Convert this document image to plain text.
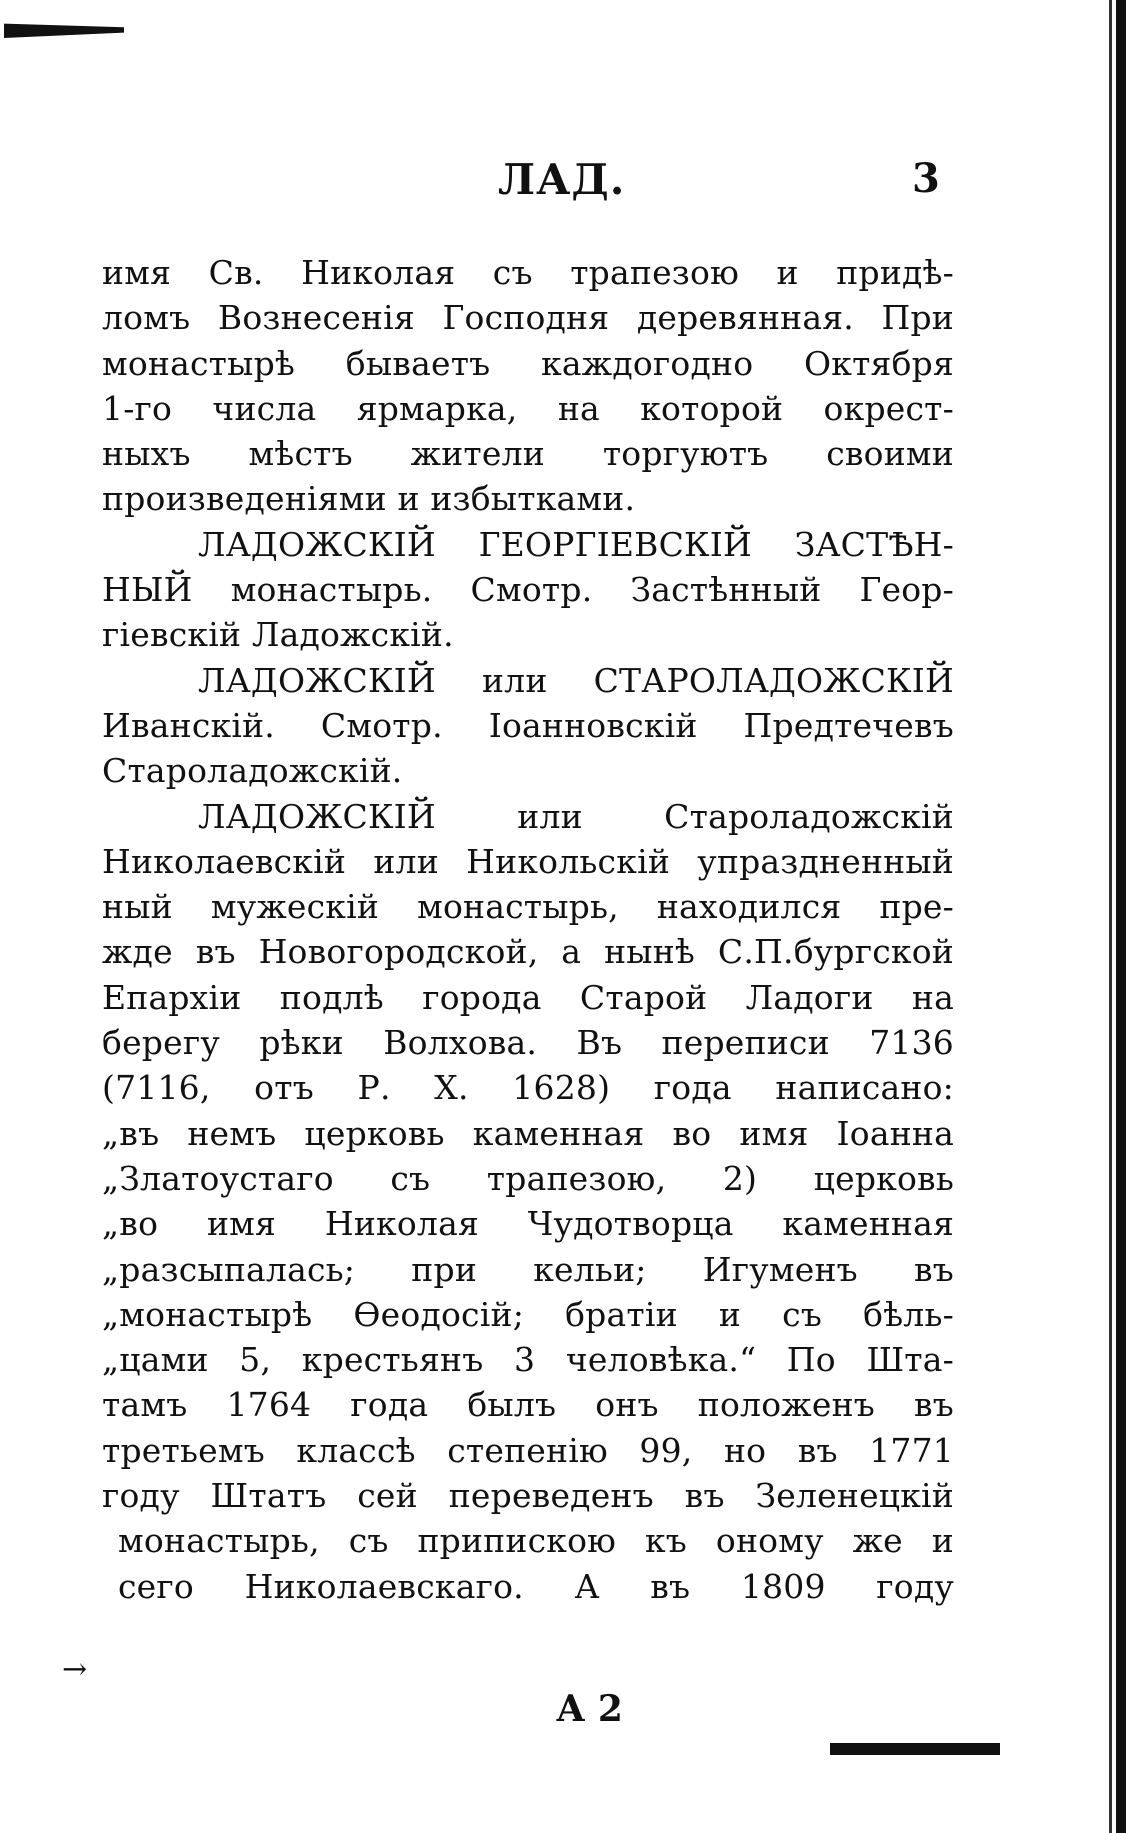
ЛАД.	3
имя Св. Николая съ трапезою и придѣ-
ломъ Вознесенія Господня деревянная. При
монастырѣ бываетъ каждогодно Октября
1-го числа ярмарка, на которой окрест-
ныхъ мѣстъ жители торгуютъ своими
произведеніями и избытками.
ЛАДОЖСКІЙ ГЕОРГІЕВСКІЙ ЗАСТѢН-
НЫЙ монастырь. Смотр. Застѣнный Геор-
гіевскій Ладожскій.
ЛАДОЖСКІЙ или СТАРОЛАДОЖСКІЙ
Иванскій. Смотр. Іоанновскій Предтечевъ
Староладожскій.
ЛАДОЖСКІЙ или Староладожскій
Николаевскій или Никольскій упраздненный
ный мужескій монастырь, находился пре-
жде въ Новогородской, а нынѣ С.П.бургской
Епархіи подлѣ города Старой Ладоги на
берегу рѣки Волхова. Въ переписи 7136
(7116, отъ Р. Х. 1628) года написано:
„въ немъ церковь каменная во имя Іоанна
„Златоустаго съ трапезою, 2) церковь
„во имя Николая Чудотворца каменная
„разсыпалась; при кельи; Игуменъ въ
„монастырѣ Ѳеодосій; братіи и съ бѣль-
„цами 5, крестьянъ 3 человѣка.“ По Шта-
тамъ 1764 года былъ онъ положенъ въ
третьемъ классѣ степенію 99, но въ 1771
году Штатъ сей переведенъ въ Зеленецкій
монастырь, съ припискою къ оному же и
сего Николаевскаго. А въ 1809 году
→
А 2
